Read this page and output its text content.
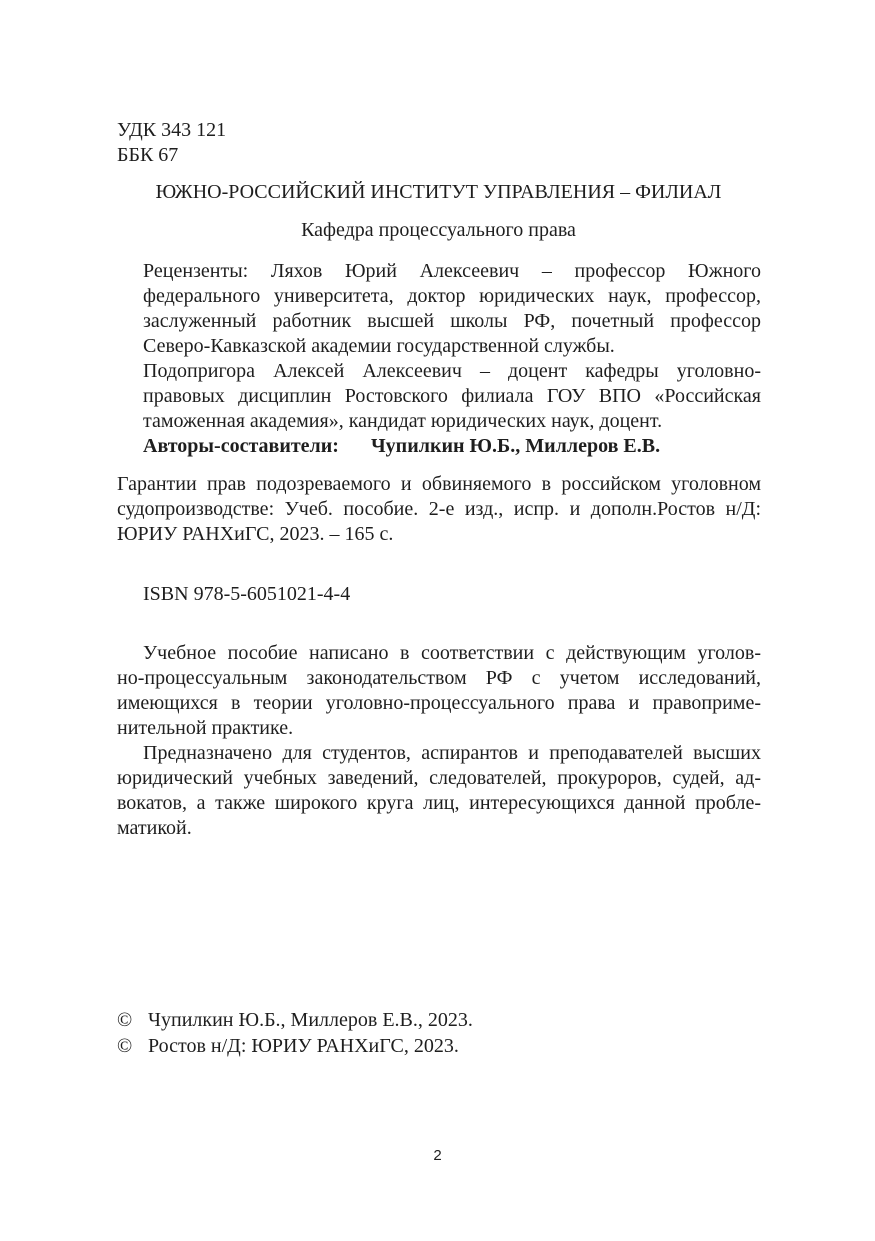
УДК 343 121
ББК 67
ЮЖНО-РОССИЙСКИЙ ИНСТИТУТ УПРАВЛЕНИЯ – ФИЛИАЛ
Кафедра процессуального права

Рецензенты: Ляхов Юрий Алексеевич – профессор Южного

федерального университета, доктор юридических наук, профессор,

заслуженный работник высшей школы РФ, почетный профессор

Северо-Кавказской академии государственной службы.

Подопригора Алексей Алексеевич – доцент кафедры уголовно-

правовых дисциплин Ростовского филиала ГОУ ВПО «Российская

таможенная академия», кандидат юридических наук, доцент.

Авторы-составители: Чупилкин Ю.Б., Миллеров Е.В.

Гарантии прав подозреваемого и обвиняемого в российском уголовном

судопроизводстве: Учеб. пособие. 2-е изд., испр. и дополн.Ростов н/Д:

ЮРИУ РАНХиГС, 2023. – 165 с.

ISBN 978-5-6051021-4-4

Учебное пособие написано в соответствии с действующим уголов-

но-процессуальным законодательством РФ с учетом исследований,

имеющихся в теории уголовно-процессуального права и правоприме-

нительной практике.

Предназначено для студентов, аспирантов и преподавателей высших

юридический учебных заведений, следователей, прокуроров, судей, ад-

вокатов, а также широкого круга лиц, интересующихся данной пробле-

матикой.

© Чупилкин Ю.Б., Миллеров Е.В., 2023.
© Ростов н/Д: ЮРИУ РАНХиГС, 2023.
2
